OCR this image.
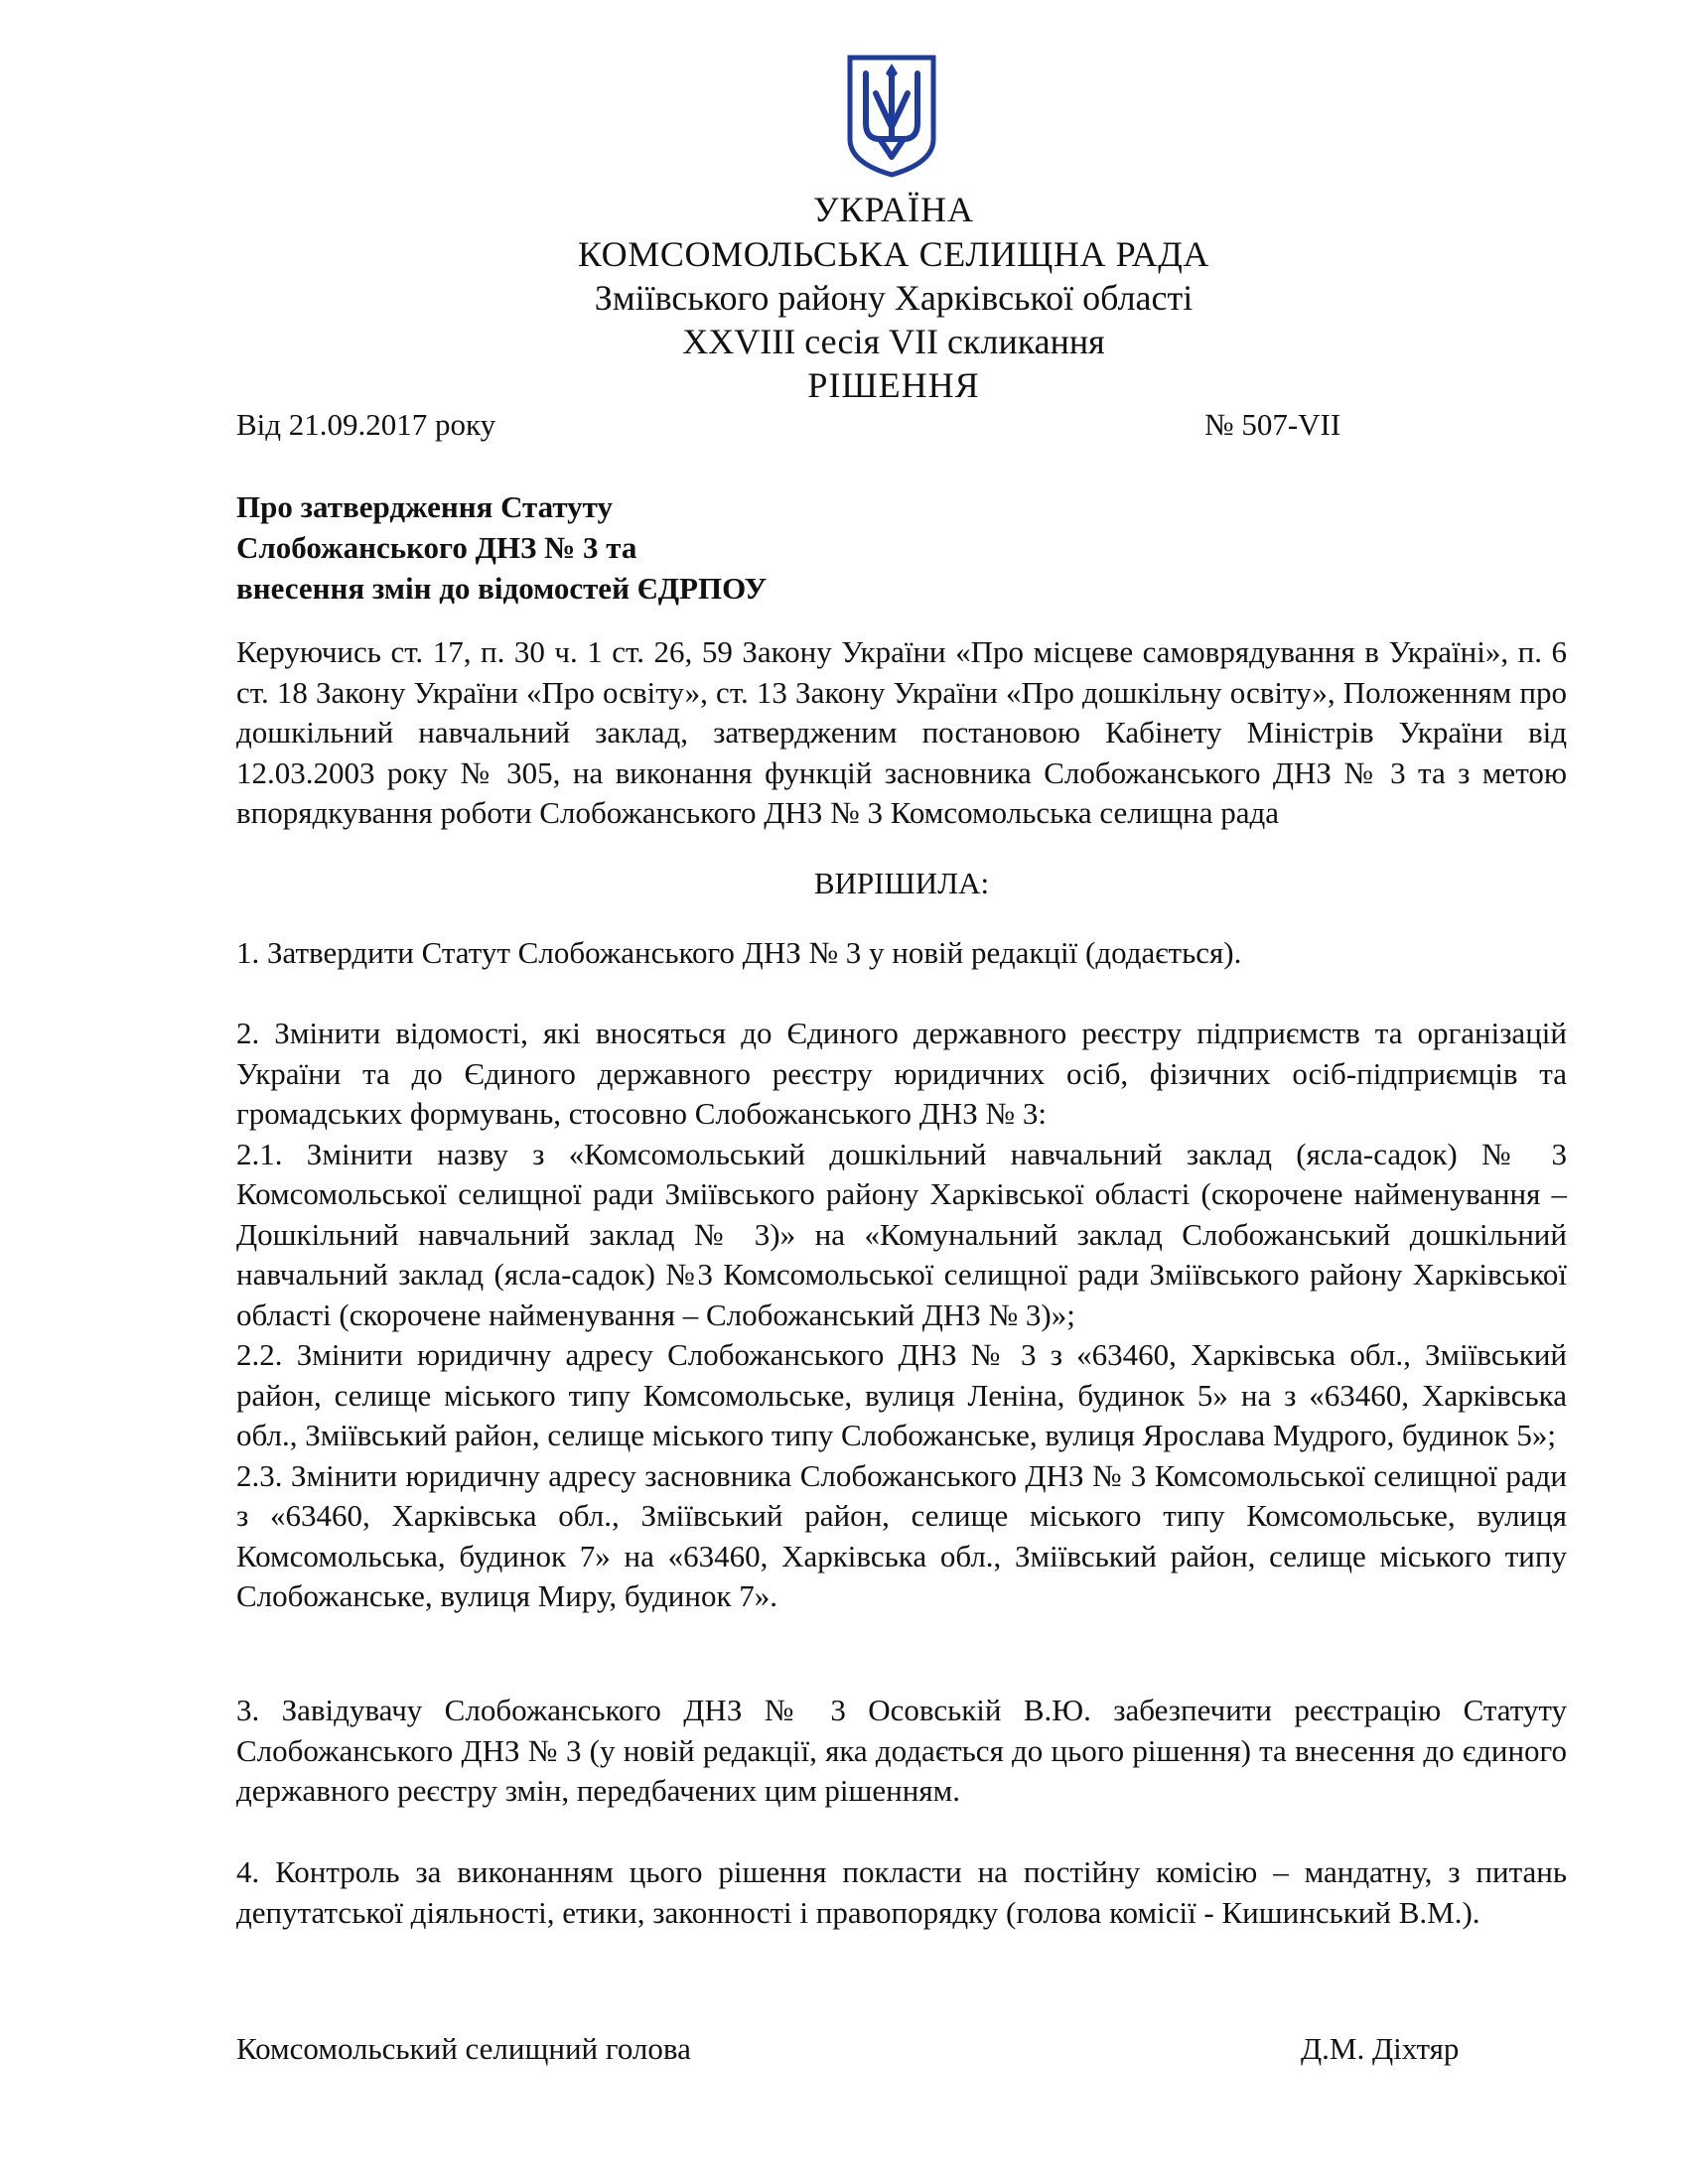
УКРАЇНА
КОМСОМОЛЬСЬКА СЕЛИЩНА РАДА
Зміївського району Харківської області
XXVIII сесія VII скликання
РІШЕННЯ
Від 21.09.2017 року	№ 507-VII
Про затвердження Статуту
Слобожанського ДНЗ № 3 та
внесення змін до відомостей ЄДРПОУ

Керуючись ст. 17, п. 30 ч. 1 ст. 26, 59 Закону України «Про місцеве самоврядування в Україні», п. 6 ст. 18 Закону України «Про освіту», ст. 13 Закону України «Про дошкільну освіту», Положенням про дошкільний навчальний заклад, затвердженим постановою Кабінету Міністрів України від 12.03.2003 року № 305, на виконання функцій засновника Слобожанського ДНЗ № 3 та з метою впорядкування роботи Слобожанського ДНЗ № 3 Комсомольська селищна рада

ВИРІШИЛА:

1. Затвердити Статут Слобожанського ДНЗ № 3 у новій редакції (додається).

2. Змінити відомості, які вносяться до Єдиного державного реєстру підприємств та організацій України та до Єдиного державного реєстру юридичних осіб, фізичних осіб-підприємців та громадських формувань, стосовно Слобожанського ДНЗ № 3:

2.1. Змінити назву з «Комсомольський дошкільний навчальний заклад (ясла-садок) № 3 Комсомольської селищної ради Зміївського району Харківської області (скорочене найменування – Дошкільний навчальний заклад № 3)» на «Комунальний заклад Слобожанський дошкільний навчальний заклад (ясла-садок) №3 Комсомольської селищної ради Зміївського району Харківської області (скорочене найменування – Слобожанський ДНЗ № 3)»;

2.2. Змінити юридичну адресу Слобожанського ДНЗ № 3 з «63460, Харківська обл., Зміївський район, селище міського типу Комсомольське, вулиця Леніна, будинок 5» на з «63460, Харківська обл., Зміївський район, селище міського типу Слобожанське, вулиця Ярослава Мудрого, будинок 5»;

2.3. Змінити юридичну адресу засновника Слобожанського ДНЗ № 3 Комсомольської селищної ради з «63460, Харківська обл., Зміївський район, селище міського типу Комсомольське, вулиця Комсомольська, будинок 7» на «63460, Харківська обл., Зміївський район, селище міського типу Слобожанське, вулиця Миру, будинок 7».

3. Завідувачу Слобожанського ДНЗ № 3 Осовській В.Ю. забезпечити реєстрацію Статуту Слобожанського ДНЗ № 3 (у новій редакції, яка додається до цього рішення) та внесення до єдиного державного реєстру змін, передбачених цим рішенням.

4. Контроль за виконанням цього рішення покласти на постійну комісію – мандатну, з питань депутатської діяльності, етики, законності і правопорядку (голова комісії - Кишинський В.М.).

Комсомольський селищний голова	Д.М. Діхтяр
